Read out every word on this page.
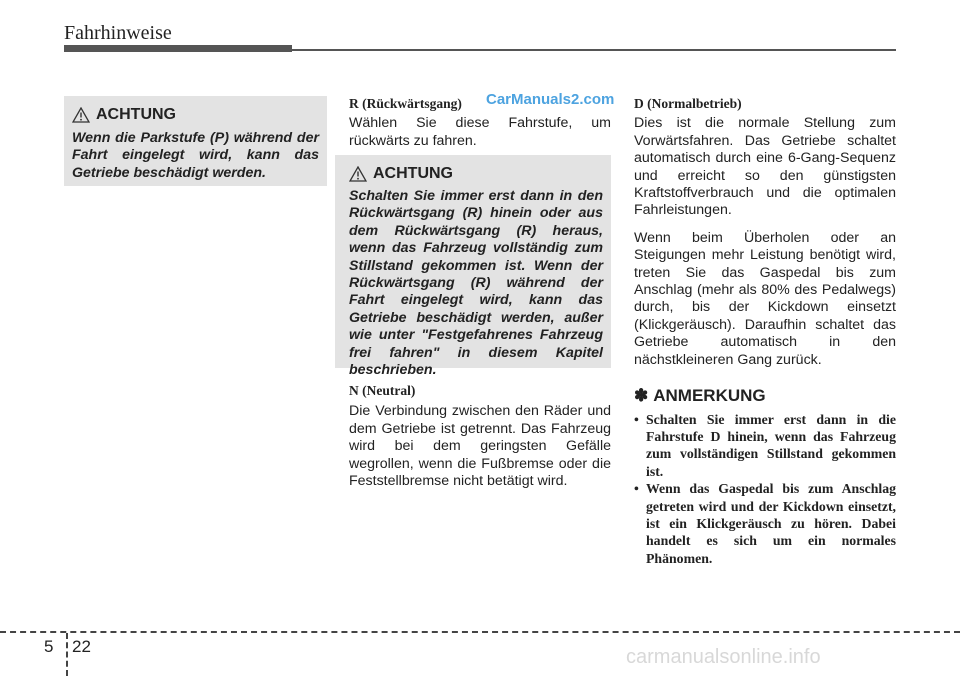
Fahrhinweise
CarManuals2.com
ACHTUNG
Wenn die Parkstufe (P) während der Fahrt eingelegt wird, kann das Getriebe beschädigt werden.

R (Rückwärtsgang)

Wählen Sie diese Fahrstufe, um rückwärts zu fahren.

ACHTUNG
Schalten Sie immer erst dann in den Rückwärtsgang (R) hinein oder aus dem Rückwärtsgang (R) heraus, wenn das Fahrzeug vollständig zum Stillstand gekommen ist. Wenn der Rückwärtsgang (R) während der Fahrt eingelegt wird, kann das Getriebe beschädigt werden, außer wie unter "Festgefahrenes Fahrzeug frei fahren" in diesem Kapitel beschrieben.

N (Neutral)

Die Verbindung zwischen den Räder und dem Getriebe ist getrennt. Das Fahrzeug wird bei dem geringsten Gefälle wegrollen, wenn die Fußbremse oder die Feststellbremse nicht betätigt wird.

D (Normalbetrieb)

Dies ist die normale Stellung zum Vorwärtsfahren. Das Getriebe schaltet automatisch durch eine 6-Gang-Sequenz und erreicht so den günstigsten Kraftstoffverbrauch und die optimalen Fahrleistungen.

Wenn beim Überholen oder an Steigungen mehr Leistung benötigt wird, treten Sie das Gaspedal bis zum Anschlag (mehr als 80% des Pedalwegs) durch, bis der Kickdown einsetzt (Klickgeräusch). Daraufhin schaltet das Getriebe automatisch in den nächstkleineren Gang zurück.

✽ ANMERKUNG

• Schalten Sie immer erst dann in die Fahrstufe D hinein, wenn das Fahrzeug zum vollständigen Stillstand gekommen ist.
• Wenn das Gaspedal bis zum Anschlag getreten wird und der Kickdown einsetzt, ist ein Klickgeräusch zu hören. Dabei handelt es sich um ein normales Phänomen.
5 22	carmanualsonline.info
